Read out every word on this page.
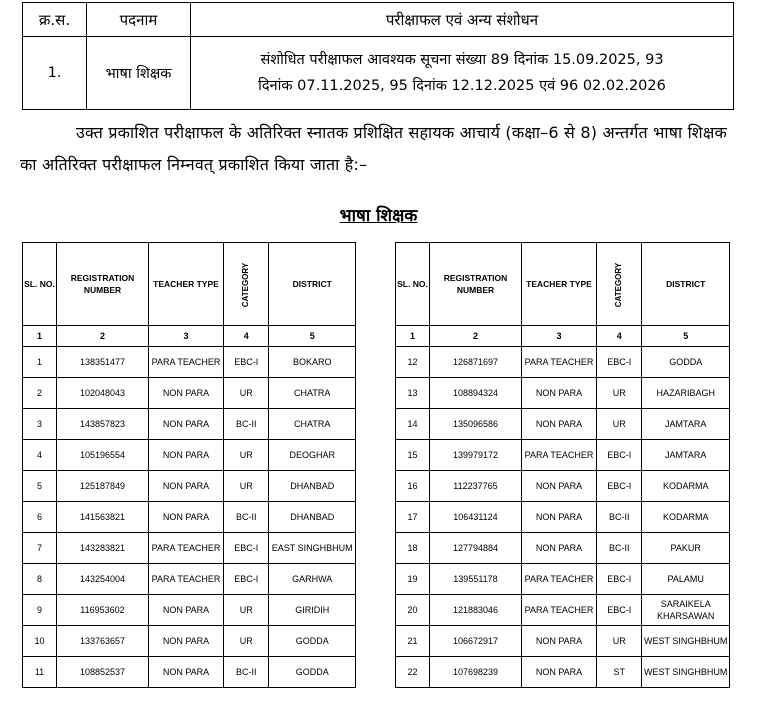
क्र.स.	पदनाम	परीक्षाफल एवं अन्य संशोधन
1.	भाषा शिक्षक	संशोधित परीक्षाफल आवश्यक सूचना संख्या 89 दिनांक 15.09.2025, 93
दिनांक 07.11.2025, 95 दिनांक 12.12.2025 एवं 96 02.02.2026
उक्त प्रकाशित परीक्षाफल के अतिरिक्त स्नातक प्रशिक्षित सहायक आचार्य (कक्षा–6 से 8) अन्तर्गत भाषा शिक्षक का अतिरिक्त परीक्षाफल निम्नवत् प्रकाशित किया जाता है:–
भाषा शिक्षक
SL. NO.	REGISTRATION NUMBER	TEACHER TYPE	CATEGORY	DISTRICT
1	2	3	4	5
1	138351477	PARA TEACHER	EBC-I	BOKARO
2	102048043	NON PARA	UR	CHATRA
3	143857823	NON PARA	BC-II	CHATRA
4	105196554	NON PARA	UR	DEOGHAR
5	125187849	NON PARA	UR	DHANBAD
6	141563821	NON PARA	BC-II	DHANBAD
7	143283821	PARA TEACHER	EBC-I	EAST SINGHBHUM
8	143254004	PARA TEACHER	EBC-I	GARHWA
9	116953602	NON PARA	UR	GIRIDIH
10	133763657	NON PARA	UR	GODDA
11	108852537	NON PARA	BC-II	GODDA
SL. NO.	REGISTRATION NUMBER	TEACHER TYPE	CATEGORY	DISTRICT
1	2	3	4	5
12	126871697	PARA TEACHER	EBC-I	GODDA
13	108894324	NON PARA	UR	HAZARIBAGH
14	135096586	NON PARA	UR	JAMTARA
15	139979172	PARA TEACHER	EBC-I	JAMTARA
16	112237765	NON PARA	EBC-I	KODARMA
17	106431124	NON PARA	BC-II	KODARMA
18	127794884	NON PARA	BC-II	PAKUR
19	139551178	PARA TEACHER	EBC-I	PALAMU
20	121883046	PARA TEACHER	EBC-I	SARAIKELA KHARSAWAN
21	106672917	NON PARA	UR	WEST SINGHBHUM
22	107698239	NON PARA	ST	WEST SINGHBHUM
